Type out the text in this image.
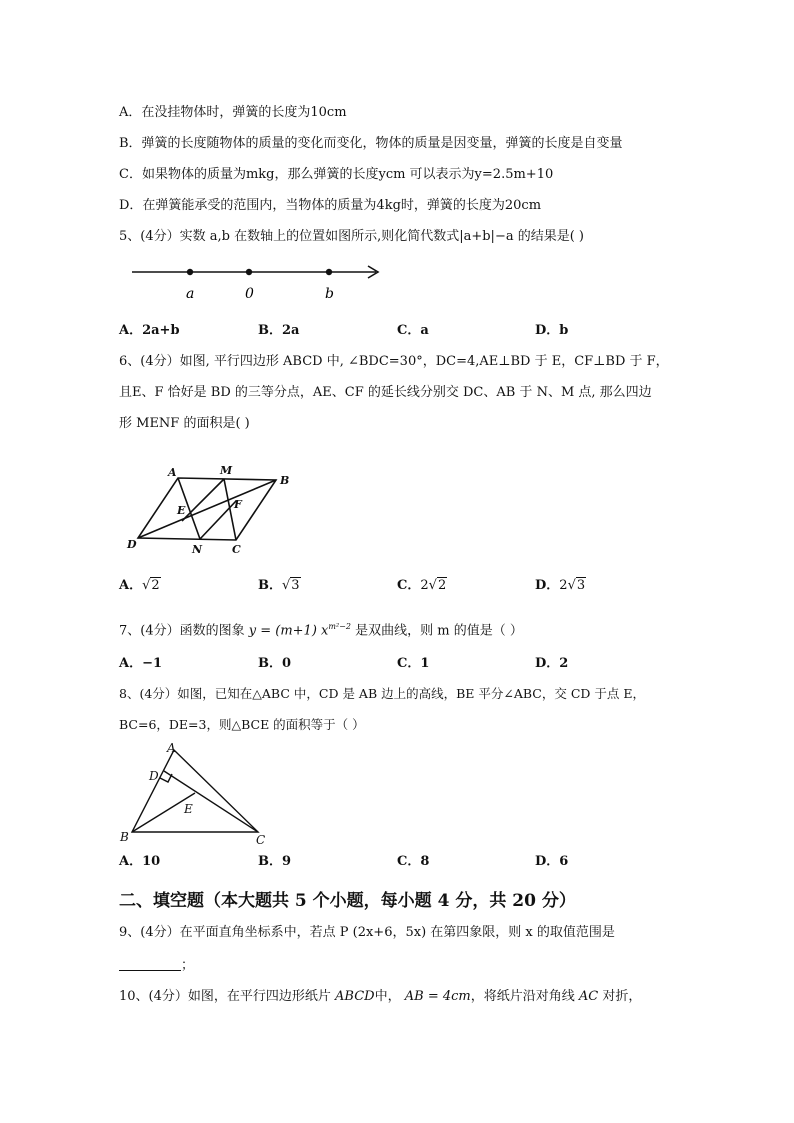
A．在没挂物体时，弹簧的长度为10cm
B．弹簧的长度随物体的质量的变化而变化，物体的质量是因变量，弹簧的长度是自变量
C．如果物体的质量为mkg，那么弹簧的长度ycm 可以表示为y=2.5m+10
D．在弹簧能承受的范围内，当物体的质量为4kg时，弹簧的长度为20cm
5、(4分）实数 a,b 在数轴上的位置如图所示,则化简代数式|a+b|−a 的结果是( )
a	0	b
A．2a+b	B．2a	C．a	D．b
6、(4分）如图, 平行四边形 ABCD 中, ∠BDC=30°，DC=4,AE⊥BD 于 E，CF⊥BD 于 F，
且E、F 恰好是 BD 的三等分点，AE、CF 的延长线分别交 DC、AB 于 N、M 点, 那么四边
形 MENF 的面积是( )
A	M
B
E	F
D	N	C
A．√2	B．√3	C．2√2	D．2√3
7、(4分）函数的图象 y = (m+1) $x^{m^2-2}$ 是双曲线，则 m 的值是（ ）
A．−1	B．0	C．1	D．2
8、(4分）如图，已知在△ABC 中，CD 是 AB 边上的高线，BE 平分∠ABC，交 CD 于点 E，
BC=6，DE=3，则△BCE 的面积等于（ ）
A
D
E
B	C
A．10	B．9	C．8	D．6
二、填空题（本大题共 5 个小题，每小题 4 分，共 20 分）
9、(4分）在平面直角坐标系中，若点 P (2x+6，5x) 在第四象限，则 x 的取值范围是
；
10、(4分）如图，在平行四边形纸片 ABCD中， AB = 4cm，将纸片沿对角线 AC 对折，
